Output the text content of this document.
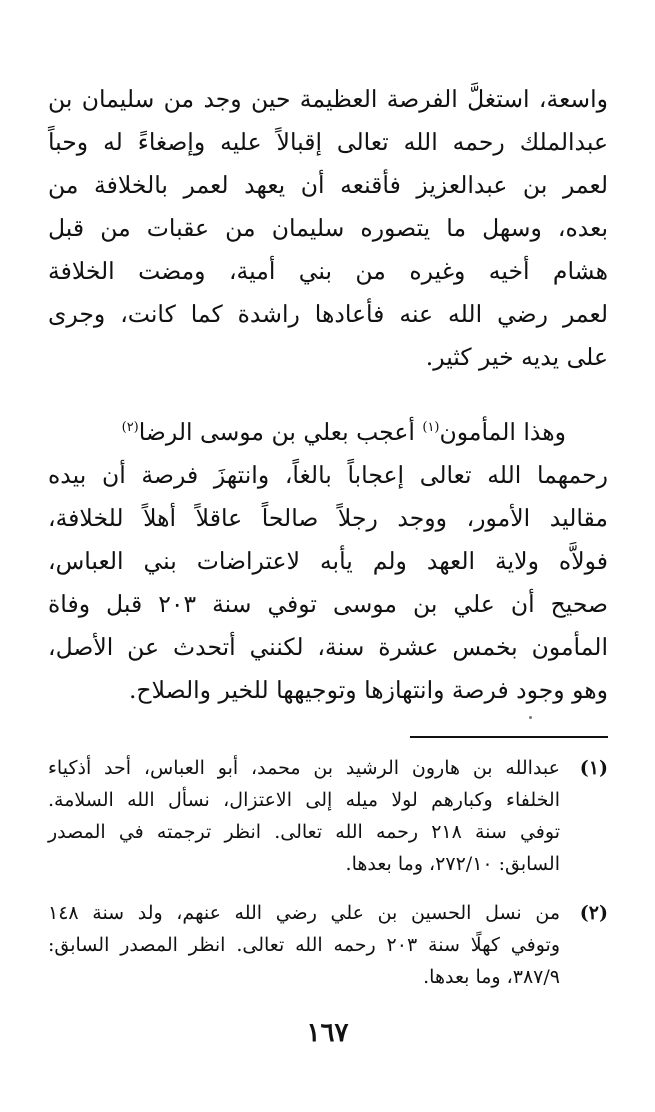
واسعة، استغلَّ الفرصة العظيمة حين وجد من سليمان بن
عبدالملك رحمه الله تعالى إقبالاً عليه وإصغاءً له وحباً
لعمر بن عبدالعزيز فأقنعه أن يعهد لعمر بالخلافة من
بعده، وسهل ما يتصوره سليمان من عقبات من قبل
هشام أخيه وغيره من بني أمية، ومضت الخلافة
لعمر رضي الله عنه فأعادها راشدة كما كانت، وجرى
على يديه خير كثير.
وهذا المأمون$^{(١)}$ أعجب بعلي بن موسى الرضا$^{(٢)}$
رحمهما الله تعالى إعجاباً بالغاً، وانتهزَ فرصة أن بيده
مقاليد الأمور، ووجد رجلاً صالحاً عاقلاً أهلاً للخلافة،
فولاَّه ولاية العهد ولم يأبه لاعتراضات بني العباس،
صحيح أن علي بن موسى توفي سنة ٢٠٣ قبل وفاة
المأمون بخمس عشرة سنة، لكنني أتحدث عن الأصل،
وهو وجود فرصة وانتهازها وتوجيهها للخير والصلاح.
(١)
عبدالله بن هارون الرشيد بن محمد، أبو العباس، أحد أذكياء
الخلفاء وكبارهم لولا ميله إلى الاعتزال، نسأل الله السلامة.
توفي سنة ٢١٨ رحمه الله تعالى. انظر ترجمته في المصدر
السابق: ٢٧٢/١٠، وما بعدها.
(٢)
من نسل الحسين بن علي رضي الله عنهم، ولد سنة ١٤٨
وتوفي كهلًا سنة ٢٠٣ رحمه الله تعالى. انظر المصدر السابق:
٣٨٧/٩، وما بعدها.
١٦٧
